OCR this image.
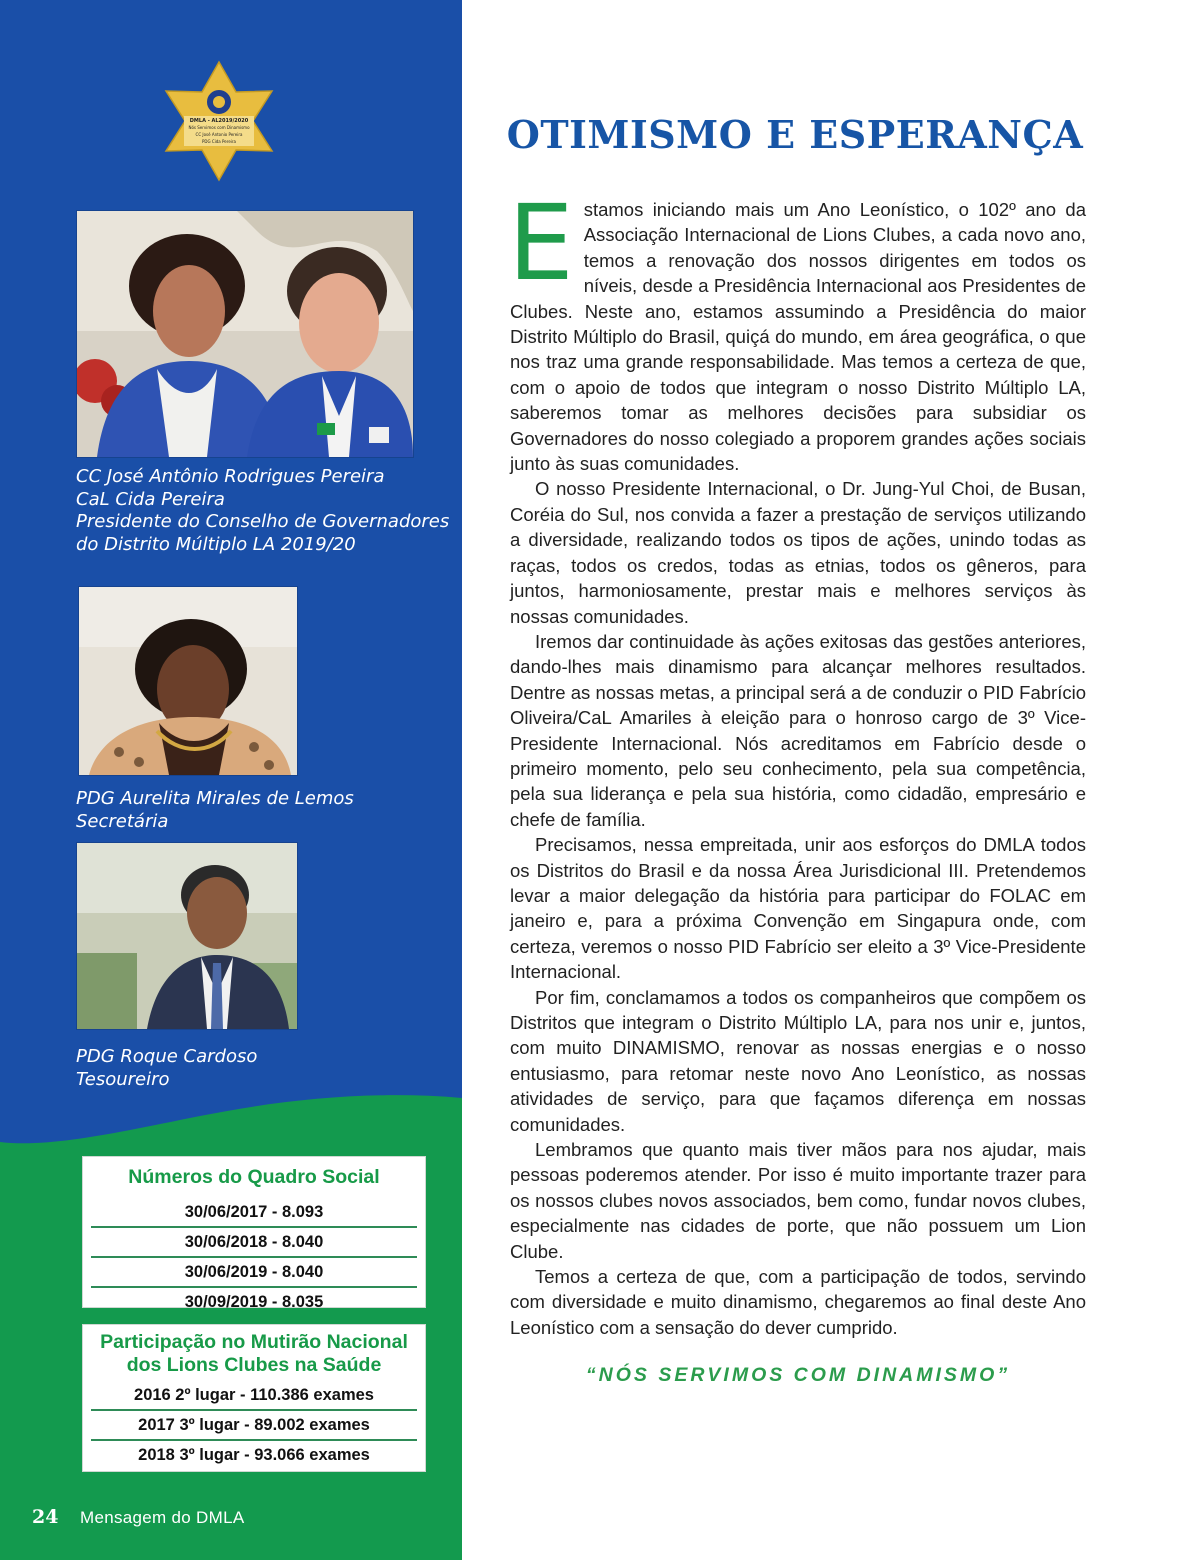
DMLA - AL2019/2020
Nós Servimos com Dinamismo
CC José Antonio Pereira
PDG Cida Pereira
CC José Antônio Rodrigues Pereira
CaL Cida Pereira
Presidente do Conselho de Governadores
do Distrito Múltiplo LA 2019/20
PDG Aurelita Mirales de Lemos
Secretária
PDG Roque Cardoso
Tesoureiro
Números do Quadro Social
30/06/2017 - 8.093
30/06/2018 - 8.040
30/06/2019 - 8.040
30/09/2019 - 8.035
Participação no Mutirão Nacional
dos Lions Clubes na Saúde
2016 2º lugar - 110.386 exames
2017 3º lugar - 89.002 exames
2018 3º lugar - 93.066 exames
24 Mensagem do DMLA
OTIMISMO E ESPERANÇA
E stamos iniciando mais um Ano Leonístico, o 102º ano da Associação Internacional de Lions Clubes, a cada novo ano, temos a renovação dos nossos dirigentes em todos os níveis, desde a Presidência Internacional aos Presidentes de Clubes. Neste ano, estamos assumindo a Presidência do maior Distrito Múltiplo do Brasil, quiçá do mundo, em área geográfica, o que nos traz uma grande responsabilidade. Mas temos a certeza de que, com o apoio de todos que integram o nosso Distrito Múltiplo LA, saberemos tomar as melhores decisões para subsidiar os Governadores do nosso colegiado a proporem grandes ações sociais junto às suas comunidades.

O nosso Presidente Internacional, o Dr. Jung-Yul Choi, de Busan, Coréia do Sul, nos convida a fazer a prestação de serviços utilizando a diversidade, realizando todos os tipos de ações, unindo todas as raças, todos os credos, todas as etnias, todos os gêneros, para juntos, harmoniosamente, prestar mais e melhores serviços às nossas comunidades.

Iremos dar continuidade às ações exitosas das gestões anteriores, dando-lhes mais dinamismo para alcançar melhores resultados. Dentre as nossas metas, a principal será a de conduzir o PID Fabrício Oliveira/CaL Amariles à eleição para o honroso cargo de 3º Vice-Presidente Internacional. Nós acreditamos em Fabrício desde o primeiro momento, pelo seu conhecimento, pela sua competência, pela sua liderança e pela sua história, como cidadão, empresário e chefe de família.

Precisamos, nessa empreitada, unir aos esforços do DMLA todos os Distritos do Brasil e da nossa Área Jurisdicional III. Pretendemos levar a maior delegação da história para participar do FOLAC em janeiro e, para a próxima Convenção em Singapura onde, com certeza, veremos o nosso PID Fabrício ser eleito a 3º Vice-Presidente Internacional.

Por fim, conclamamos a todos os companheiros que compõem os Distritos que integram o Distrito Múltiplo LA, para nos unir e, juntos, com muito DINAMISMO, renovar as nossas energias e o nosso entusiasmo, para retomar neste novo Ano Leonístico, as nossas atividades de serviço, para que façamos diferença em nossas comunidades.

Lembramos que quanto mais tiver mãos para nos ajudar, mais pessoas poderemos atender. Por isso é muito importante trazer para os nossos clubes novos associados, bem como, fundar novos clubes, especialmente nas cidades de porte, que não possuem um Lion Clube.

Temos a certeza de que, com a participação de todos, servindo com diversidade e muito dinamismo, chegaremos ao final deste Ano Leonístico com a sensação do dever cumprido.

“NÓS SERVIMOS COM DINAMISMO”
